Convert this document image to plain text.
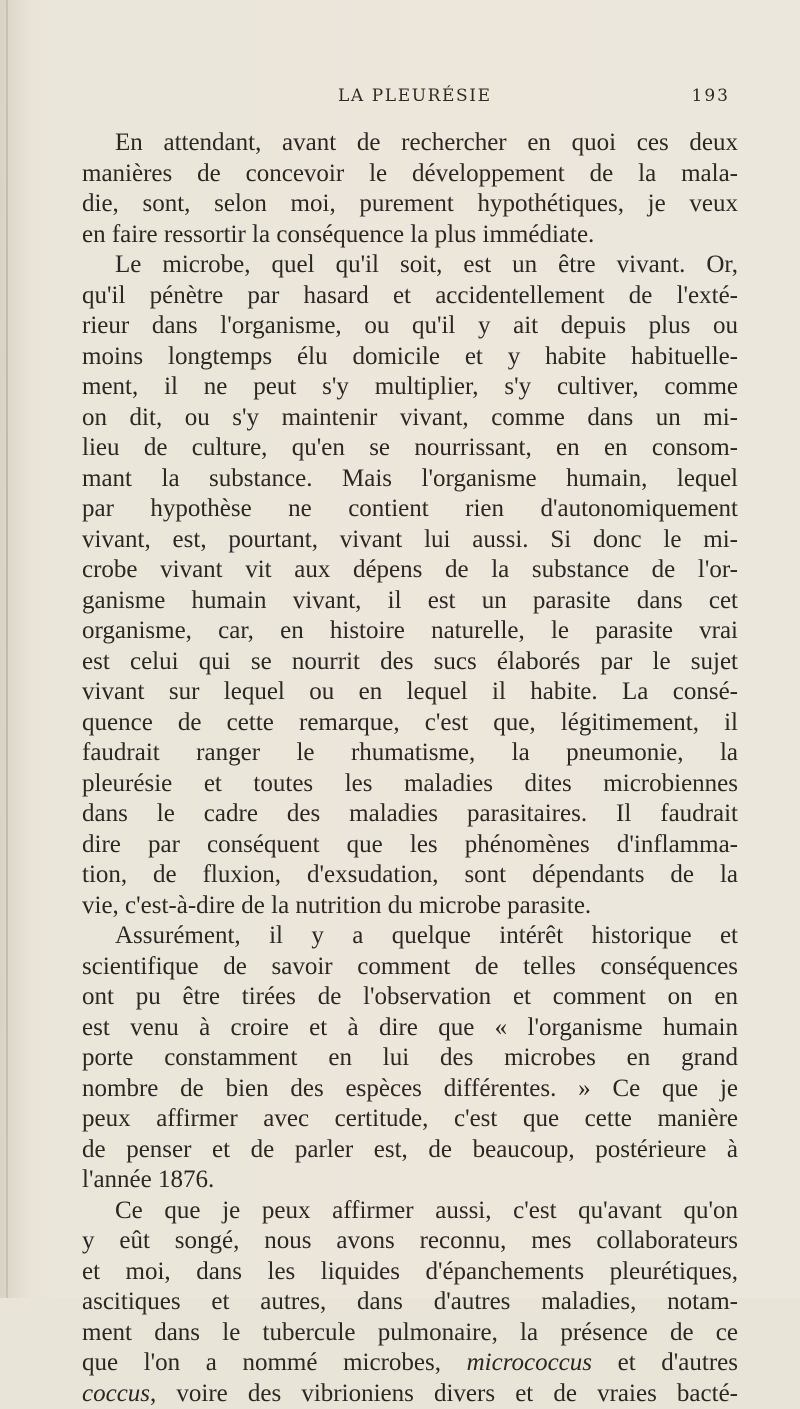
LA PLEURÉSIE	193
En attendant, avant de rechercher en quoi ces deux
manières de concevoir le développement de la mala-
die, sont, selon moi, purement hypothétiques, je veux
en faire ressortir la conséquence la plus immédiate.
Le microbe, quel qu'il soit, est un être vivant. Or,
qu'il pénètre par hasard et accidentellement de l'exté-
rieur dans l'organisme, ou qu'il y ait depuis plus ou
moins longtemps élu domicile et y habite habituelle-
ment, il ne peut s'y multiplier, s'y cultiver, comme
on dit, ou s'y maintenir vivant, comme dans un mi-
lieu de culture, qu'en se nourrissant, en en consom-
mant la substance. Mais l'organisme humain, lequel
par hypothèse ne contient rien d'autonomiquement
vivant, est, pourtant, vivant lui aussi. Si donc le mi-
crobe vivant vit aux dépens de la substance de l'or-
ganisme humain vivant, il est un parasite dans cet
organisme, car, en histoire naturelle, le parasite vrai
est celui qui se nourrit des sucs élaborés par le sujet
vivant sur lequel ou en lequel il habite. La consé-
quence de cette remarque, c'est que, légitimement, il
faudrait ranger le rhumatisme, la pneumonie, la
pleurésie et toutes les maladies dites microbiennes
dans le cadre des maladies parasitaires. Il faudrait
dire par conséquent que les phénomènes d'inflamma-
tion, de fluxion, d'exsudation, sont dépendants de la
vie, c'est-à-dire de la nutrition du microbe parasite.
Assurément, il y a quelque intérêt historique et
scientifique de savoir comment de telles conséquences
ont pu être tirées de l'observation et comment on en
est venu à croire et à dire que « l'organisme humain
porte constamment en lui des microbes en grand
nombre de bien des espèces différentes. » Ce que je
peux affirmer avec certitude, c'est que cette manière
de penser et de parler est, de beaucoup, postérieure à
l'année 1876.
Ce que je peux affirmer aussi, c'est qu'avant qu'on
y eût songé, nous avons reconnu, mes collaborateurs
et moi, dans les liquides d'épanchements pleurétiques,
ascitiques et autres, dans d'autres maladies, notam-
ment dans le tubercule pulmonaire, la présence de ce
que l'on a nommé microbes, micrococcus et d'autres
coccus, voire des vibrioniens divers et de vraies bacté-
